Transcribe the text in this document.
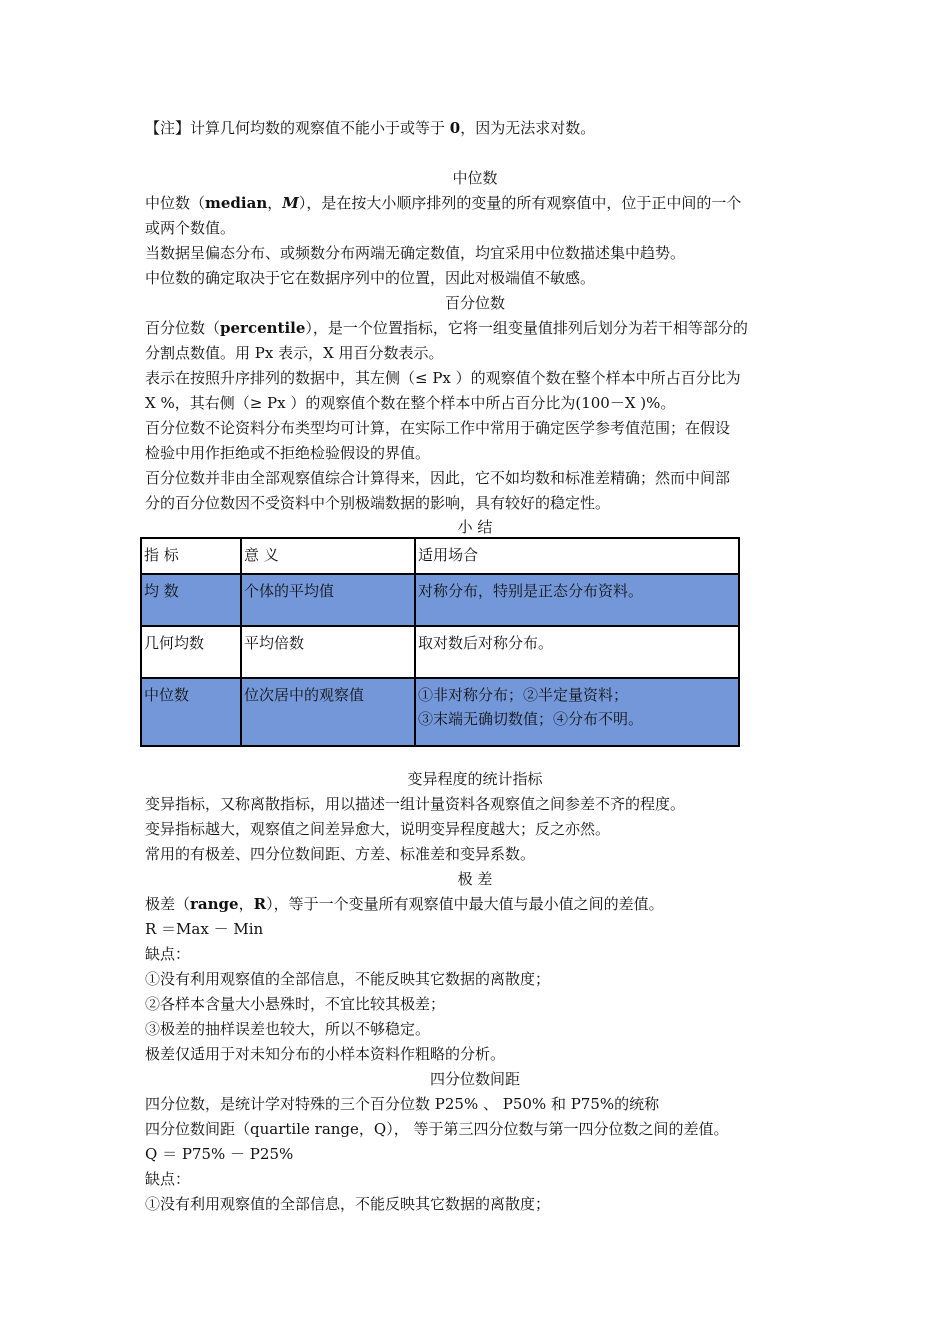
【注】计算几何均数的观察值不能小于或等于 0，因为无法求对数。
中位数
中位数（median，M），是在按大小顺序排列的变量的所有观察值中，位于正中间的一个
或两个数值。
当数据呈偏态分布、或频数分布两端无确定数值，均宜采用中位数描述集中趋势。
中位数的确定取决于它在数据序列中的位置，因此对极端值不敏感。
百分位数
百分位数（percentile），是一个位置指标，它将一组变量值排列后划分为若干相等部分的
分割点数值。用 Px 表示，X 用百分数表示。
表示在按照升序排列的数据中，其左侧（≤ Px ）的观察值个数在整个样本中所占百分比为
X %，其右侧（≥ Px ）的观察值个数在整个样本中所占百分比为(100－X )%。
百分位数不论资料分布类型均可计算，在实际工作中常用于确定医学参考值范围；在假设
检验中用作拒绝或不拒绝检验假设的界值。
百分位数并非由全部观察值综合计算得来，因此，它不如均数和标准差精确；然而中间部
分的百分位数因不受资料中个别极端数据的影响，具有较好的稳定性。
小 结
指 标	意 义	适用场合
均 数	个体的平均值	对称分布，特别是正态分布资料。
几何均数	平均倍数	取对数后对称分布。
中位数	位次居中的观察值	①非对称分布；②半定量资料；
③末端无确切数值；④分布不明。
变异程度的统计指标
变异指标，又称离散指标，用以描述一组计量资料各观察值之间参差不齐的程度。
变异指标越大，观察值之间差异愈大，说明变异程度越大；反之亦然。
常用的有极差、四分位数间距、方差、标准差和变异系数。
极 差
极差（range，R），等于一个变量所有观察值中最大值与最小值之间的差值。
R ＝Max － Min
缺点：
①没有利用观察值的全部信息，不能反映其它数据的离散度；
②各样本含量大小悬殊时，不宜比较其极差；
③极差的抽样误差也较大，所以不够稳定。
极差仅适用于对未知分布的小样本资料作粗略的分析。
四分位数间距
四分位数，是统计学对特殊的三个百分位数 P25% 、 P50% 和 P75%的统称
四分位数间距（quartile range，Q）， 等于第三四分位数与第一四分位数之间的差值。
Q ＝ P75% － P25%
缺点：
①没有利用观察值的全部信息，不能反映其它数据的离散度；
